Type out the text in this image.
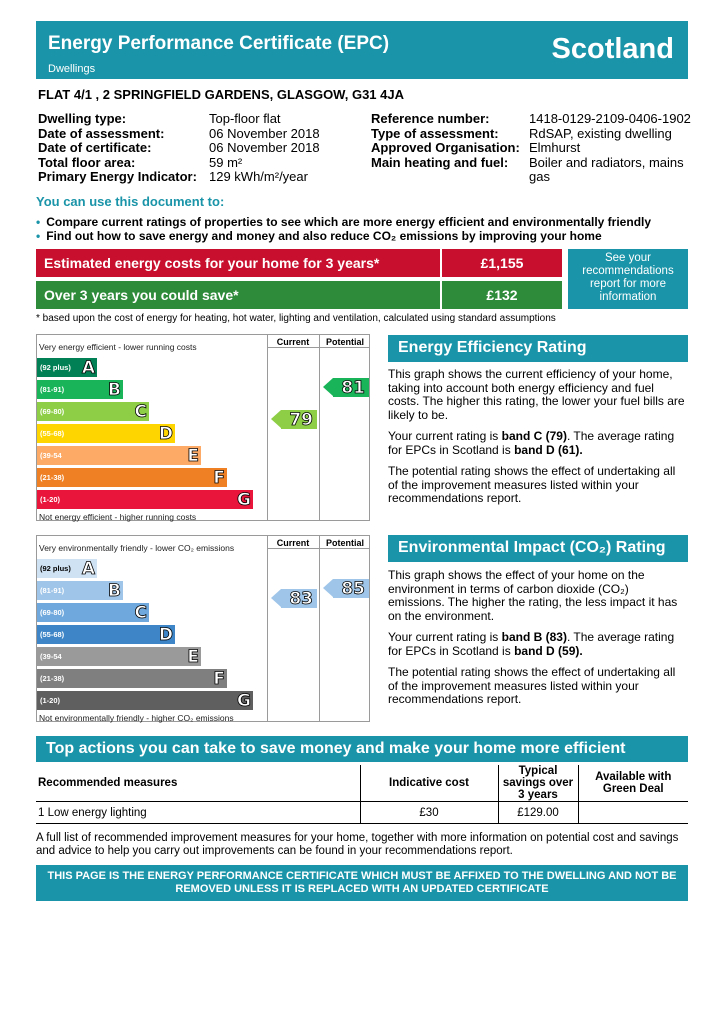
Energy Performance Certificate (EPC)
Dwellings
Scotland
FLAT 4/1 , 2 SPRINGFIELD GARDENS, GLASGOW, G31 4JA
Dwelling type:	Top-floor flat
Date of assessment:	06 November 2018
Date of certificate:	06 November 2018
Total floor area:	59 m²
Primary Energy Indicator: 129 kWh/m²/year
Reference number:	1418-0129-2109-0406-1902
Type of assessment: RdSAP, existing dwelling
Approved Organisation: Elmhurst
Main heating and fuel: Boiler and radiators, mains
gas
You can use this document to:
• Compare current ratings of properties to see which are more energy efficient and environmentally friendly
• Find out how to save energy and money and also reduce CO₂ emissions by improving your home
Estimated energy costs for your home for 3 years*	£1,155
Over 3 years you could save*	£132
See your recommendations report for more information
* based upon the cost of energy for heating, hot water, lighting and ventilation, calculated using standard assumptions
Current	Potential
Very energy efficient - lower running costs
Not energy efficient - higher running costs
(92 plus) A
(81-91)	B
(69-80)	C
(55-68)	D
(39-54	E
(21-38)	F
(1-20)	G
79
81
Energy Efficiency Rating

This graph shows the current efficiency of your home, taking into account both energy efficiency and fuel costs. The higher this rating, the lower your fuel bills are likely to be.

Your current rating is band C (79). The average rating for EPCs in Scotland is band D (61).

The potential rating shows the effect of undertaking all of the improvement measures listed within your recommendations report.

Current	Potential
Very environmentally friendly - lower CO₂ emissions
Not environmentally friendly - higher CO₂ emissions
(92 plus) A
(81-91)	B
(69-80)	C
(55-68)	D
(39-54	E
(21-38)	F
(1-20)	G
83 85
Environmental Impact (CO₂) Rating

This graph shows the effect of your home on the environment in terms of carbon dioxide (CO₂) emissions. The higher the rating, the less impact it has on the environment.

Your current rating is band B (83). The average rating for EPCs in Scotland is band D (59).

The potential rating shows the effect of undertaking all of the improvement measures listed within your recommendations report.

Top actions you can take to save money and make your home more efficient
Recommended measures	Indicative cost	Typical savings over 3 years	Available with Green Deal
1 Low energy lighting	£30	£129.00	
A full list of recommended improvement measures for your home, together with more information on potential cost and savings and advice to help you carry out improvements can be found in your recommendations report.
THIS PAGE IS THE ENERGY PERFORMANCE CERTIFICATE WHICH MUST BE AFFIXED TO THE DWELLING AND NOT BE REMOVED UNLESS IT IS REPLACED WITH AN UPDATED CERTIFICATE
